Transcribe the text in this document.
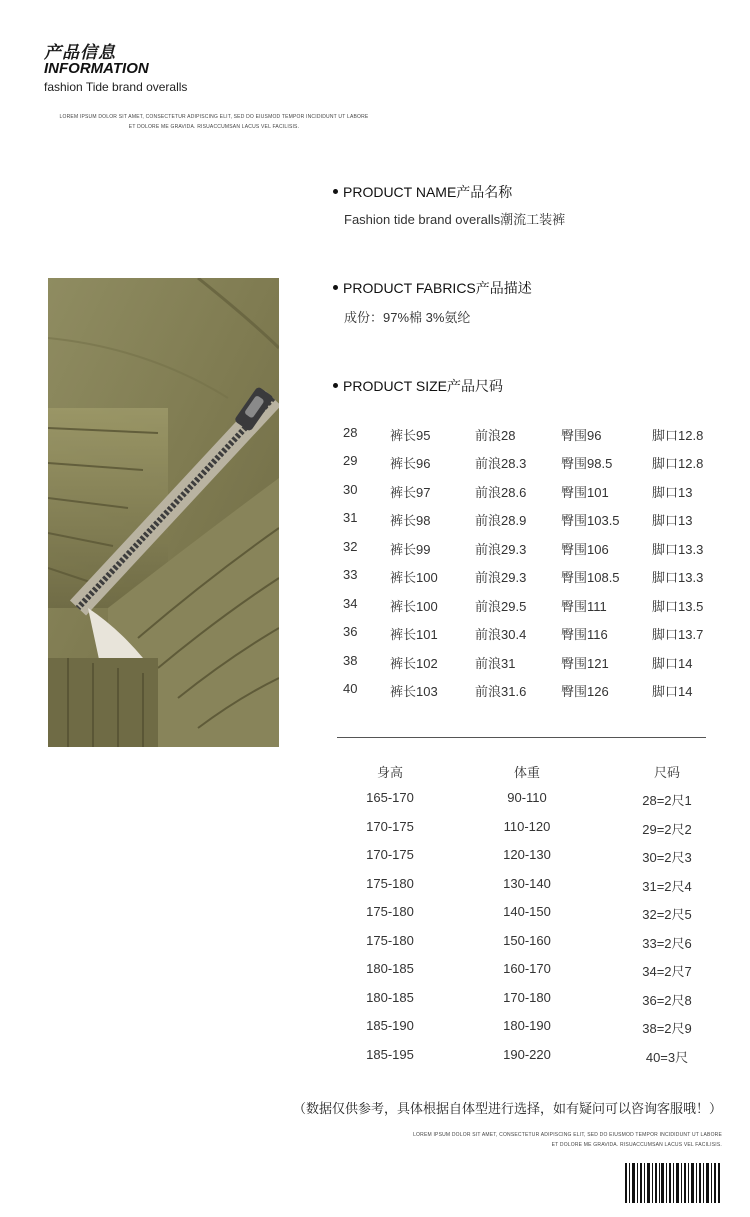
产品信息
INFORMATION
fashion Tide brand overalls
LOREM IPSUM DOLOR SIT AMET, CONSECTETUR ADIPISCING ELIT, SED DO EIUSMOD TEMPOR INCIDIDUNT UT LABORE
ET DOLORE ME GRAVIDA. RISUACCUMSAN LACUS VEL FACILISIS.
PRODUCT NAME产品名称
Fashion tide brand overalls潮流工装裤
PRODUCT FABRICS产品描述
成份：97%棉 3%氨纶
PRODUCT SIZE产品尺码
28	裤长95	前浪28	臀围96	脚口12.8
29	裤长96	前浪28.3	臀围98.5	脚口12.8
30	裤长97	前浪28.6	臀围101	脚口13
31	裤长98	前浪28.9	臀围103.5 脚口13
32	裤长99	前浪29.3	臀围106	脚口13.3
33	裤长100	前浪29.3	臀围108.5 脚口13.3
34	裤长100	前浪29.5	臀围111	脚口13.5
36	裤长101	前浪30.4	臀围116	脚口13.7
38	裤长102	前浪31	臀围121	脚口14
40	裤长103	前浪31.6	臀围126	脚口14
身高	体重	尺码
165-170	90-110	28=2尺1
170-175	110-120	29=2尺2
170-175	120-130	30=2尺3
175-180	130-140	31=2尺4
175-180	140-150	32=2尺5
175-180	150-160	33=2尺6
180-185	160-170	34=2尺7
180-185	170-180	36=2尺8
185-190	180-190	38=2尺9
185-195	190-220	40=3尺
（数据仅供参考，具体根据自体型进行选择，如有疑问可以咨询客服哦！）
LOREM IPSUM DOLOR SIT AMET, CONSECTETUR ADIPISCING ELIT, SED DO EIUSMOD TEMPOR INCIDIDUNT UT LABORE
ET DOLORE ME GRAVIDA. RISUACCUMSAN LACUS VEL FACILISIS.
